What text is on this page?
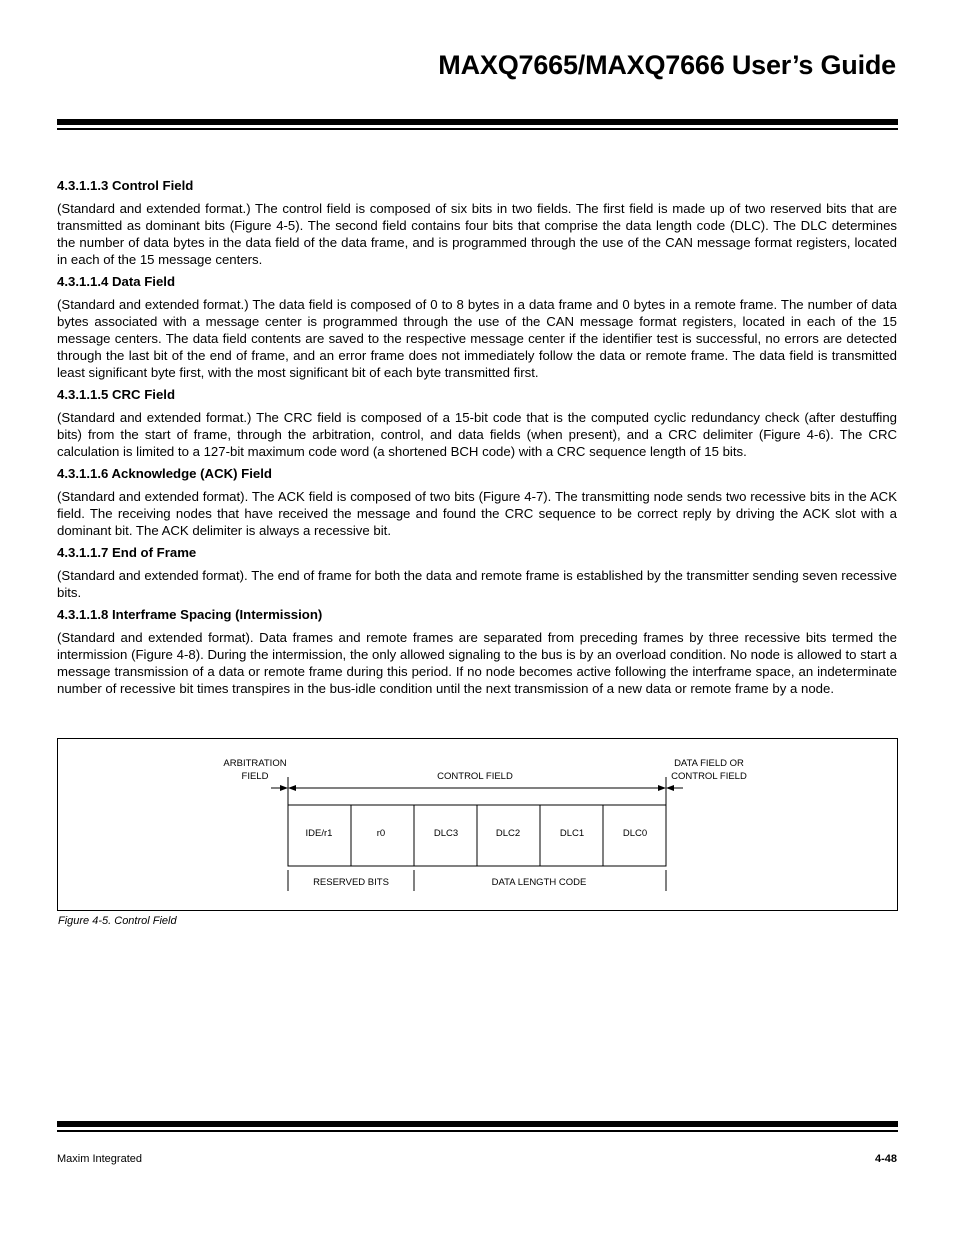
MAXQ7665/MAXQ7666 User’s Guide
4.3.1.1.3 Control Field

(Standard and extended format.) The control field is composed of six bits in two fields. The first field is made up of two reserved bits that are transmitted as dominant bits (Figure 4-5). The second field contains four bits that comprise the data length code (DLC). The DLC determines the number of data bytes in the data field of the data frame, and is programmed through the use of the CAN message format registers, located in each of the 15 message centers.

4.3.1.1.4 Data Field

(Standard and extended format.) The data field is composed of 0 to 8 bytes in a data frame and 0 bytes in a remote frame. The number of data bytes associated with a message center is programmed through the use of the CAN message format registers, located in each of the 15 message centers. The data field contents are saved to the respective message center if the identifier test is successful, no errors are detected through the last bit of the end of frame, and an error frame does not immediately follow the data or remote frame. The data field is transmitted least significant byte first, with the most significant bit of each byte transmitted first.

4.3.1.1.5 CRC Field

(Standard and extended format.) The CRC field is composed of a 15-bit code that is the computed cyclic redundancy check (after destuffing bits) from the start of frame, through the arbitration, control, and data fields (when present), and a CRC delimiter (Figure 4-6). The CRC calculation is limited to a 127-bit maximum code word (a shortened BCH code) with a CRC sequence length of 15 bits.

4.3.1.1.6 Acknowledge (ACK) Field

(Standard and extended format). The ACK field is composed of two bits (Figure 4-7). The transmitting node sends two recessive bits in the ACK field. The receiving nodes that have received the message and found the CRC sequence to be correct reply by driving the ACK slot with a dominant bit. The ACK delimiter is always a recessive bit.

4.3.1.1.7 End of Frame

(Standard and extended format). The end of frame for both the data and remote frame is established by the transmitter sending seven recessive bits.

4.3.1.1.8 Interframe Spacing (Intermission)

(Standard and extended format). Data frames and remote frames are separated from preceding frames by three recessive bits termed the intermission (Figure 4-8). During the intermission, the only allowed signaling to the bus is by an overload condition. No node is allowed to start a message transmission of a data or remote frame during this period. If no node becomes active following the interframe space, an indeterminate number of recessive bit times transpires in the bus-idle condition until the next transmission of a new data or remote frame by a node.

ARBITRATION
FIELD	CONTROL FIELD
DATA FIELD OR
CONTROL FIELD
IDE/r1	r0	DLC3	DLC2	DLC1	DLC0
RESERVED BITS	DATA LENGTH CODE

Figure 4-5. Control Field

Maxim Integrated	4-48
